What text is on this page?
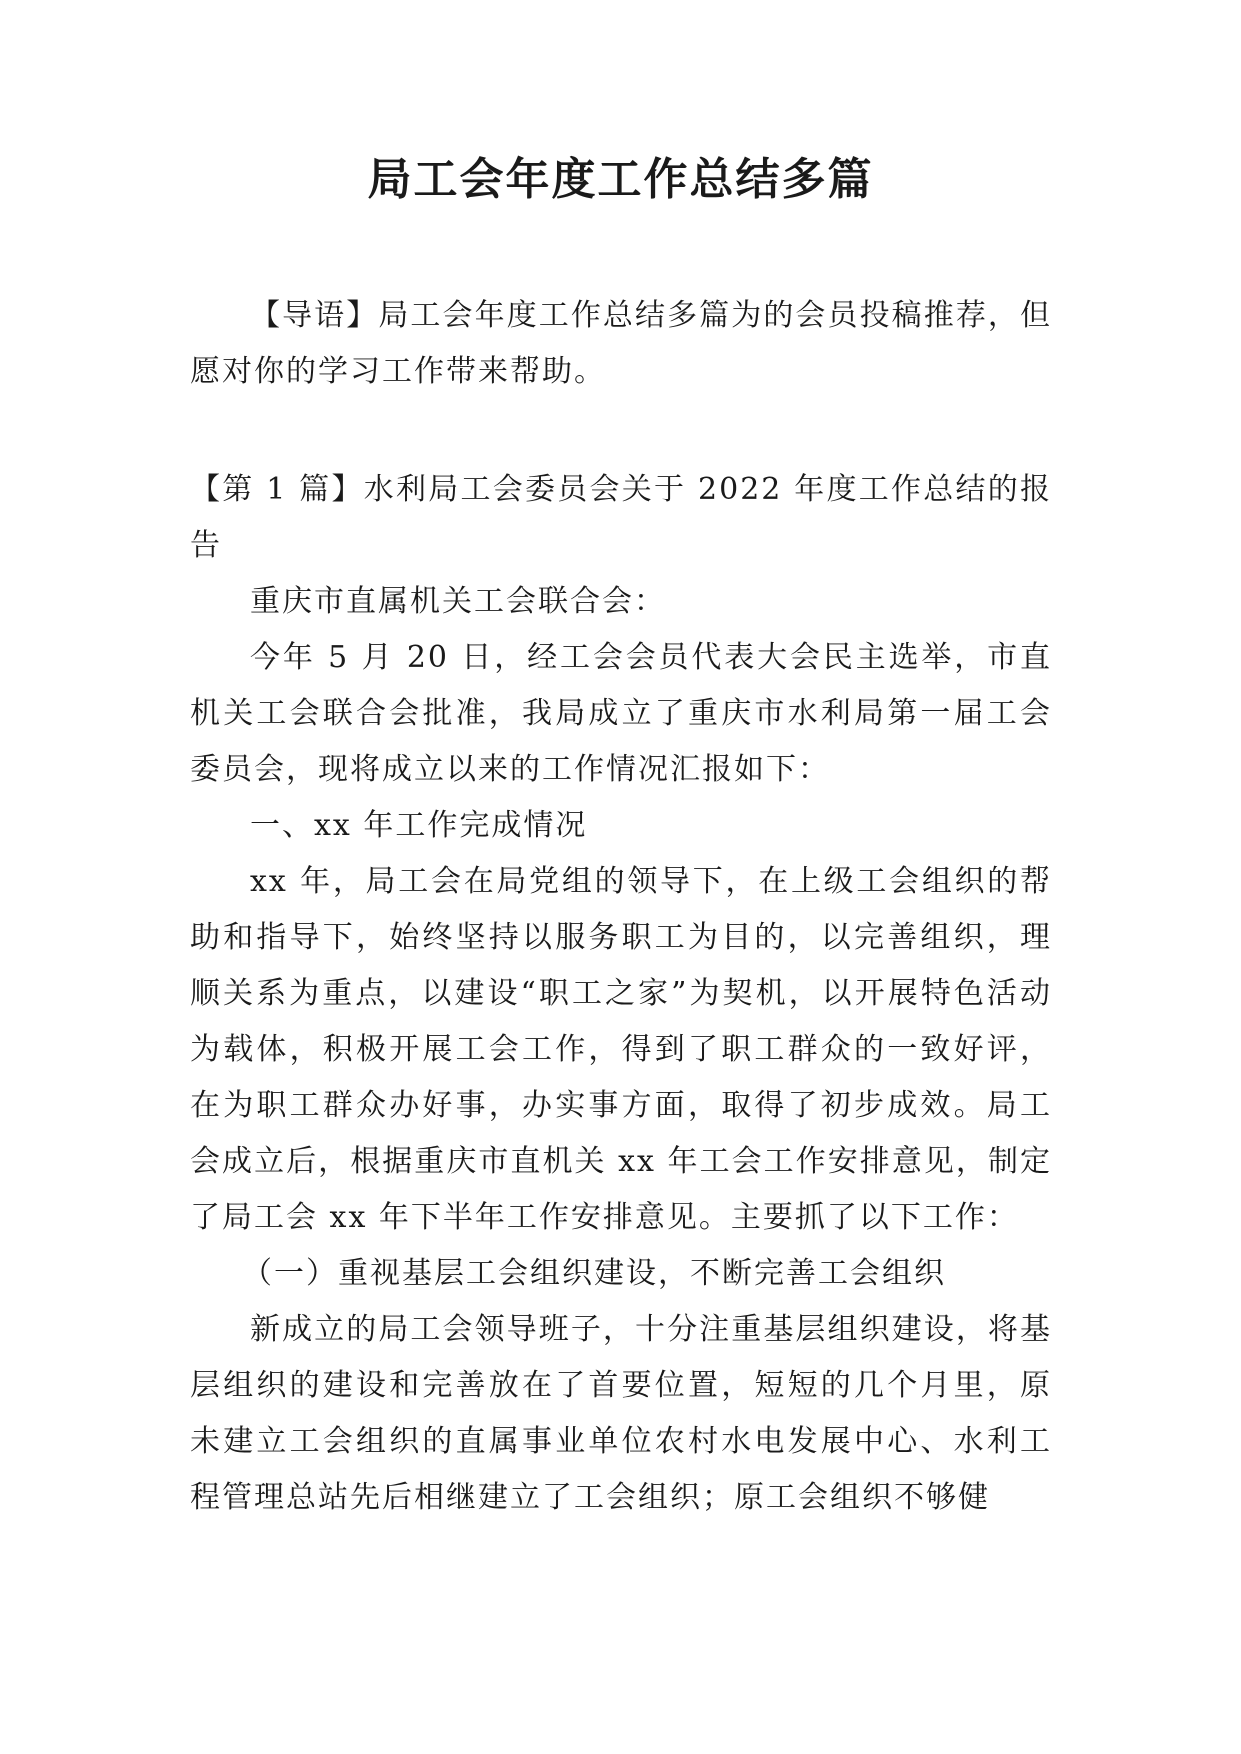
局工会年度工作总结多篇

【导语】局工会年度工作总结多篇为的会员投稿推荐，但愿对你的学习工作带来帮助。

【第 1 篇】水利局工会委员会关于 2022 年度工作总结的报告

重庆市直属机关工会联合会：

今年 5 月 20 日，经工会会员代表大会民主选举，市直机关工会联合会批准，我局成立了重庆市水利局第一届工会委员会，现将成立以来的工作情况汇报如下：

一、xx 年工作完成情况

xx 年，局工会在局党组的领导下，在上级工会组织的帮助和指导下，始终坚持以服务职工为目的，以完善组织，理顺关系为重点，以建设“职工之家”为契机，以开展特色活动为载体，积极开展工会工作，得到了职工群众的一致好评，在为职工群众办好事，办实事方面，取得了初步成效。局工会成立后，根据重庆市直机关 xx 年工会工作安排意见，制定了局工会 xx 年下半年工作安排意见。主要抓了以下工作：

（一）重视基层工会组织建设，不断完善工会组织

新成立的局工会领导班子，十分注重基层组织建设，将基层组织的建设和完善放在了首要位置，短短的几个月里，原未建立工会组织的直属事业单位农村水电发展中心、水利工程管理总站先后相继建立了工会组织；原工会组织不够健
